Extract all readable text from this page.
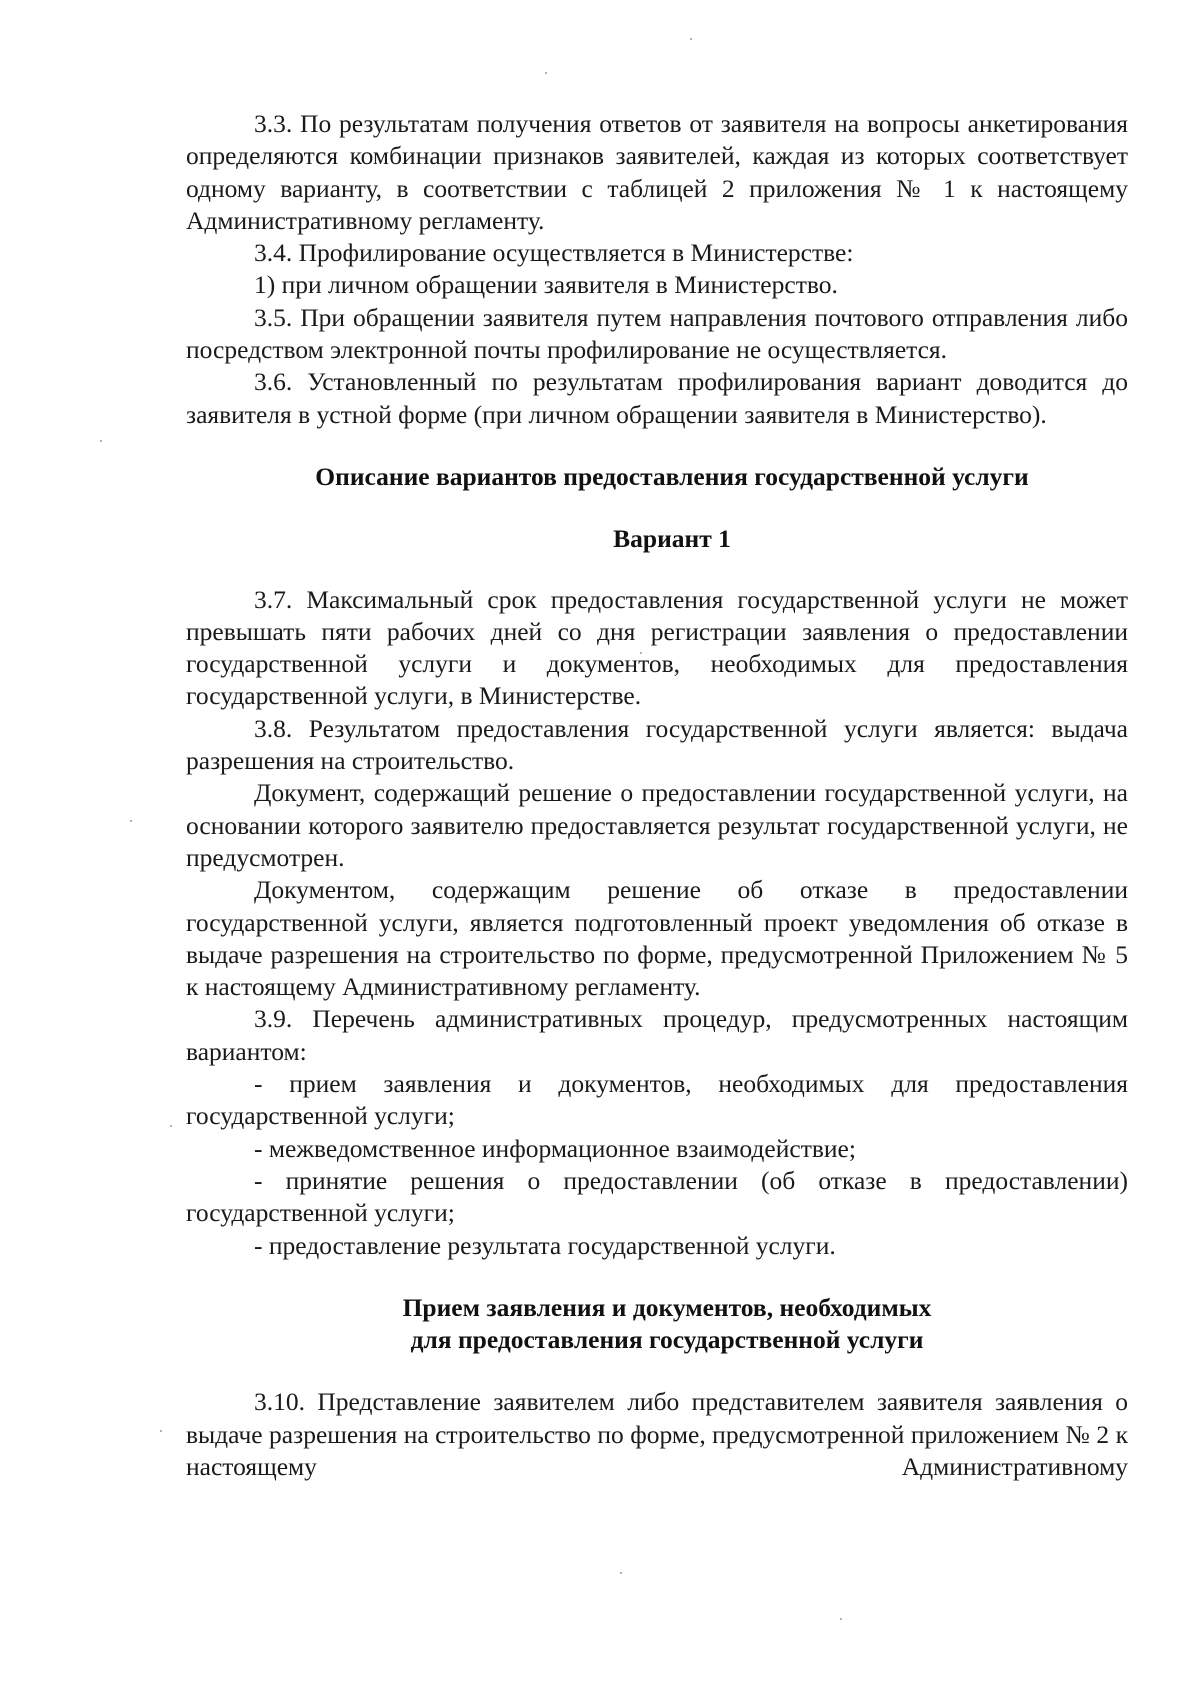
3.3. По результатам получения ответов от заявителя на вопросы анкетирования определяются комбинации признаков заявителей, каждая из которых соответствует одному варианту, в соответствии с таблицей 2 приложения № 1 к настоящему Административному регламенту.

3.4. Профилирование осуществляется в Министерстве:

1) при личном обращении заявителя в Министерство.

3.5. При обращении заявителя путем направления почтового отправления либо посредством электронной почты профилирование не осуществляется.

3.6. Установленный по результатам профилирования вариант доводится до заявителя в устной форме (при личном обращении заявителя в Министерство).

Описание вариантов предоставления государственной услуги

Вариант 1

3.7. Максимальный срок предоставления государственной услуги не может превышать пяти рабочих дней со дня регистрации заявления о предоставлении государственной услуги и документов, необходимых для предоставления государственной услуги, в Министерстве.

3.8. Результатом предоставления государственной услуги является: выдача разрешения на строительство.

Документ, содержащий решение о предоставлении государственной услуги, на основании которого заявителю предоставляется результат государственной услуги, не предусмотрен.

Документом, содержащим решение об отказе в предоставлении государственной услуги, является подготовленный проект уведомления об отказе в выдаче разрешения на строительство по форме, предусмотренной Приложением № 5 к настоящему Административному регламенту.

3.9. Перечень административных процедур, предусмотренных настоящим вариантом:

- прием заявления и документов, необходимых для предоставления государственной услуги;

- межведомственное информационное взаимодействие;

- принятие решения о предоставлении (об отказе в предоставлении) государственной услуги;

- предоставление результата государственной услуги.

Прием заявления и документов, необходимых
для предоставления государственной услуги

3.10. Представление заявителем либо представителем заявителя заявления о выдаче разрешения на строительство по форме, предусмотренной приложением № 2 к настоящему Административному
